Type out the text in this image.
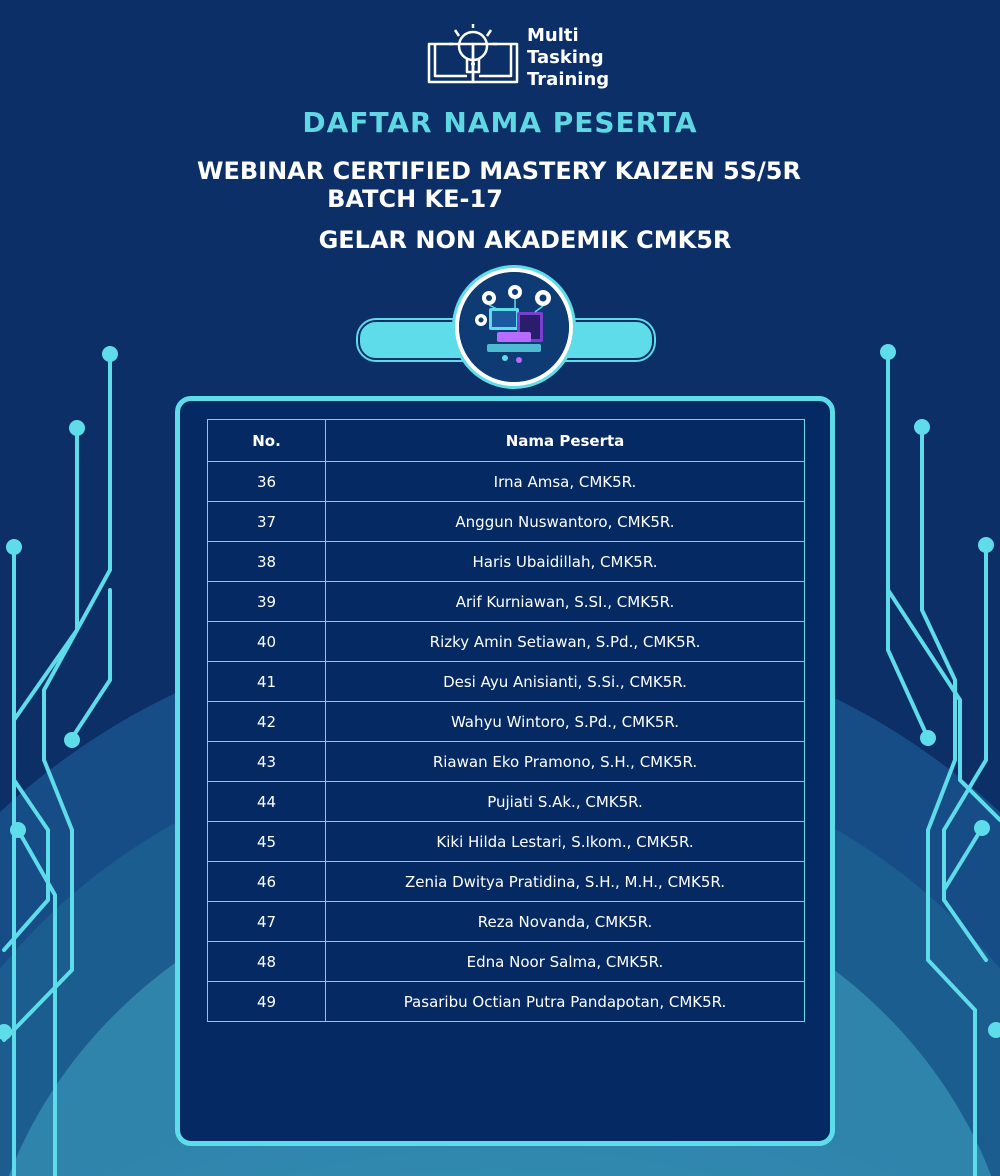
Multi
Tasking
Training
DAFTAR NAMA PESERTA
WEBINAR CERTIFIED MASTERY KAIZEN 5S/5R
BATCH KE-17
GELAR NON AKADEMIK CMK5R
No.	Nama Peserta
36	Irna Amsa, CMK5R.
37	Anggun Nuswantoro, CMK5R.
38	Haris Ubaidillah, CMK5R.
39	Arif Kurniawan, S.SI., CMK5R.
40	Rizky Amin Setiawan, S.Pd., CMK5R.
41	Desi Ayu Anisianti, S.Si., CMK5R.
42	Wahyu Wintoro, S.Pd., CMK5R.
43	Riawan Eko Pramono, S.H., CMK5R.
44	Pujiati S.Ak., CMK5R.
45	Kiki Hilda Lestari, S.Ikom., CMK5R.
46	Zenia Dwitya Pratidina, S.H., M.H., CMK5R.
47	Reza Novanda, CMK5R.
48	Edna Noor Salma, CMK5R.
49	Pasaribu Octian Putra Pandapotan, CMK5R.
